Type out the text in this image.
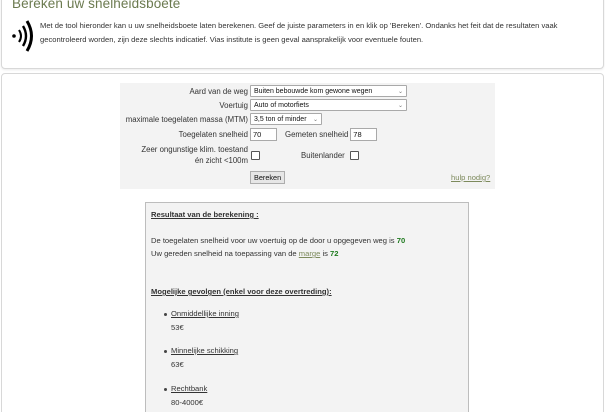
Bereken uw snelheidsboete
Met de tool hieronder kan u uw snelheidsboete laten berekenen. Geef de juiste parameters in en klik op 'Bereken'. Ondanks het feit dat de resultaten vaak
gecontroleerd worden, zijn deze slechts indicatief. Vias institute is geen geval aansprakelijk voor eventuele fouten.
Aard van de weg Buiten bebouwde kom gewone wegen	⌄
Voertuig Auto of motorfiets	⌄
maximale toegelaten massa (MTM) 3,5 ton of minder ⌄
Toegelaten snelheid 70	Gemeten snelheid 78
Zeer ongunstige klim. toestand
én zicht <100m
Buitenlander
Bereken	hulp nodig?
Resultaat van de berekening :
De toegelaten snelheid voor uw voertuig op de door u opgegeven weg is 70
Uw gereden snelheid na toepassing van de marge is 72
Mogelijke gevolgen (enkel voor deze overtreding):
Onmiddellijke inning
53€
Minnelijke schikking
63€
Rechtbank
80-4000€
